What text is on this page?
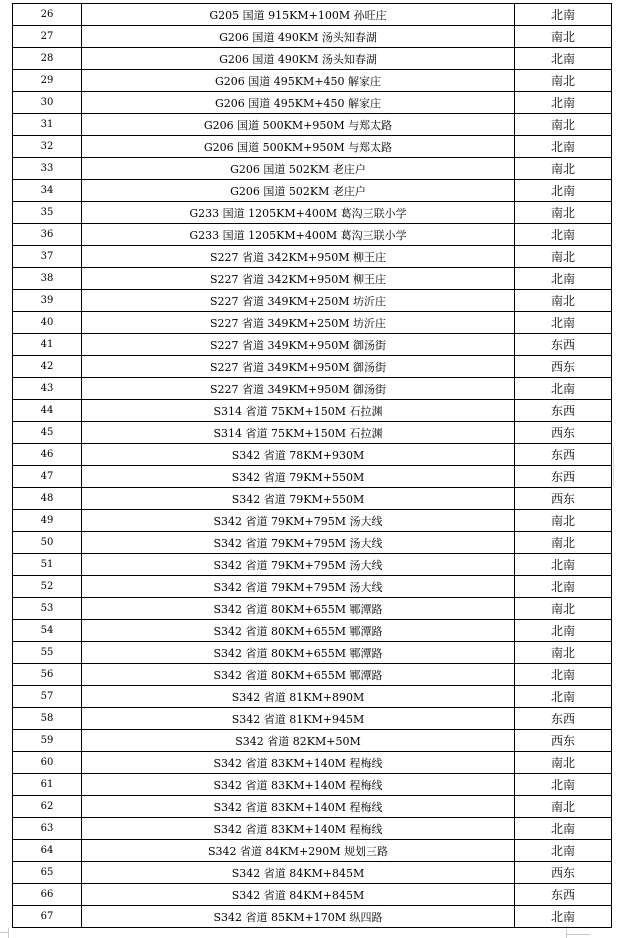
26	G205 国道 915KM+100M 孙旺庄	北南
27	G206 国道 490KM 汤头知春湖	南北
28	G206 国道 490KM 汤头知春湖	北南
29	G206 国道 495KM+450 解家庄	南北
30	G206 国道 495KM+450 解家庄	北南
31	G206 国道 500KM+950M 与郑太路	南北
32	G206 国道 500KM+950M 与郑太路	北南
33	G206 国道 502KM 老庄户	南北
34	G206 国道 502KM 老庄户	北南
35	G233 国道 1205KM+400M 葛沟三联小学	南北
36	G233 国道 1205KM+400M 葛沟三联小学	北南
37	S227 省道 342KM+950M 柳王庄	南北
38	S227 省道 342KM+950M 柳王庄	北南
39	S227 省道 349KM+250M 坊沂庄	南北
40	S227 省道 349KM+250M 坊沂庄	北南
41	S227 省道 349KM+950M 御汤街	东西
42	S227 省道 349KM+950M 御汤街	西东
43	S227 省道 349KM+950M 御汤街	北南
44	S314 省道 75KM+150M 石拉渊	东西
45	S314 省道 75KM+150M 石拉渊	西东
46	S342 省道 78KM+930M	东西
47	S342 省道 79KM+550M	东西
48	S342 省道 79KM+550M	西东
49	S342 省道 79KM+795M 汤大线	南北
50	S342 省道 79KM+795M 汤大线	南北
51	S342 省道 79KM+795M 汤大线	北南
52	S342 省道 79KM+795M 汤大线	北南
53	S342 省道 80KM+655M 鄆潭路	南北
54	S342 省道 80KM+655M 鄆潭路	北南
55	S342 省道 80KM+655M 鄆潭路	南北
56	S342 省道 80KM+655M 鄆潭路	北南
57	S342 省道 81KM+890M	北南
58	S342 省道 81KM+945M	东西
59	S342 省道 82KM+50M	西东
60	S342 省道 83KM+140M 程梅线	南北
61	S342 省道 83KM+140M 程梅线	北南
62	S342 省道 83KM+140M 程梅线	南北
63	S342 省道 83KM+140M 程梅线	北南
64	S342 省道 84KM+290M 规划三路	北南
65	S342 省道 84KM+845M	西东
66	S342 省道 84KM+845M	东西
67	S342 省道 85KM+170M 纵四路	北南
